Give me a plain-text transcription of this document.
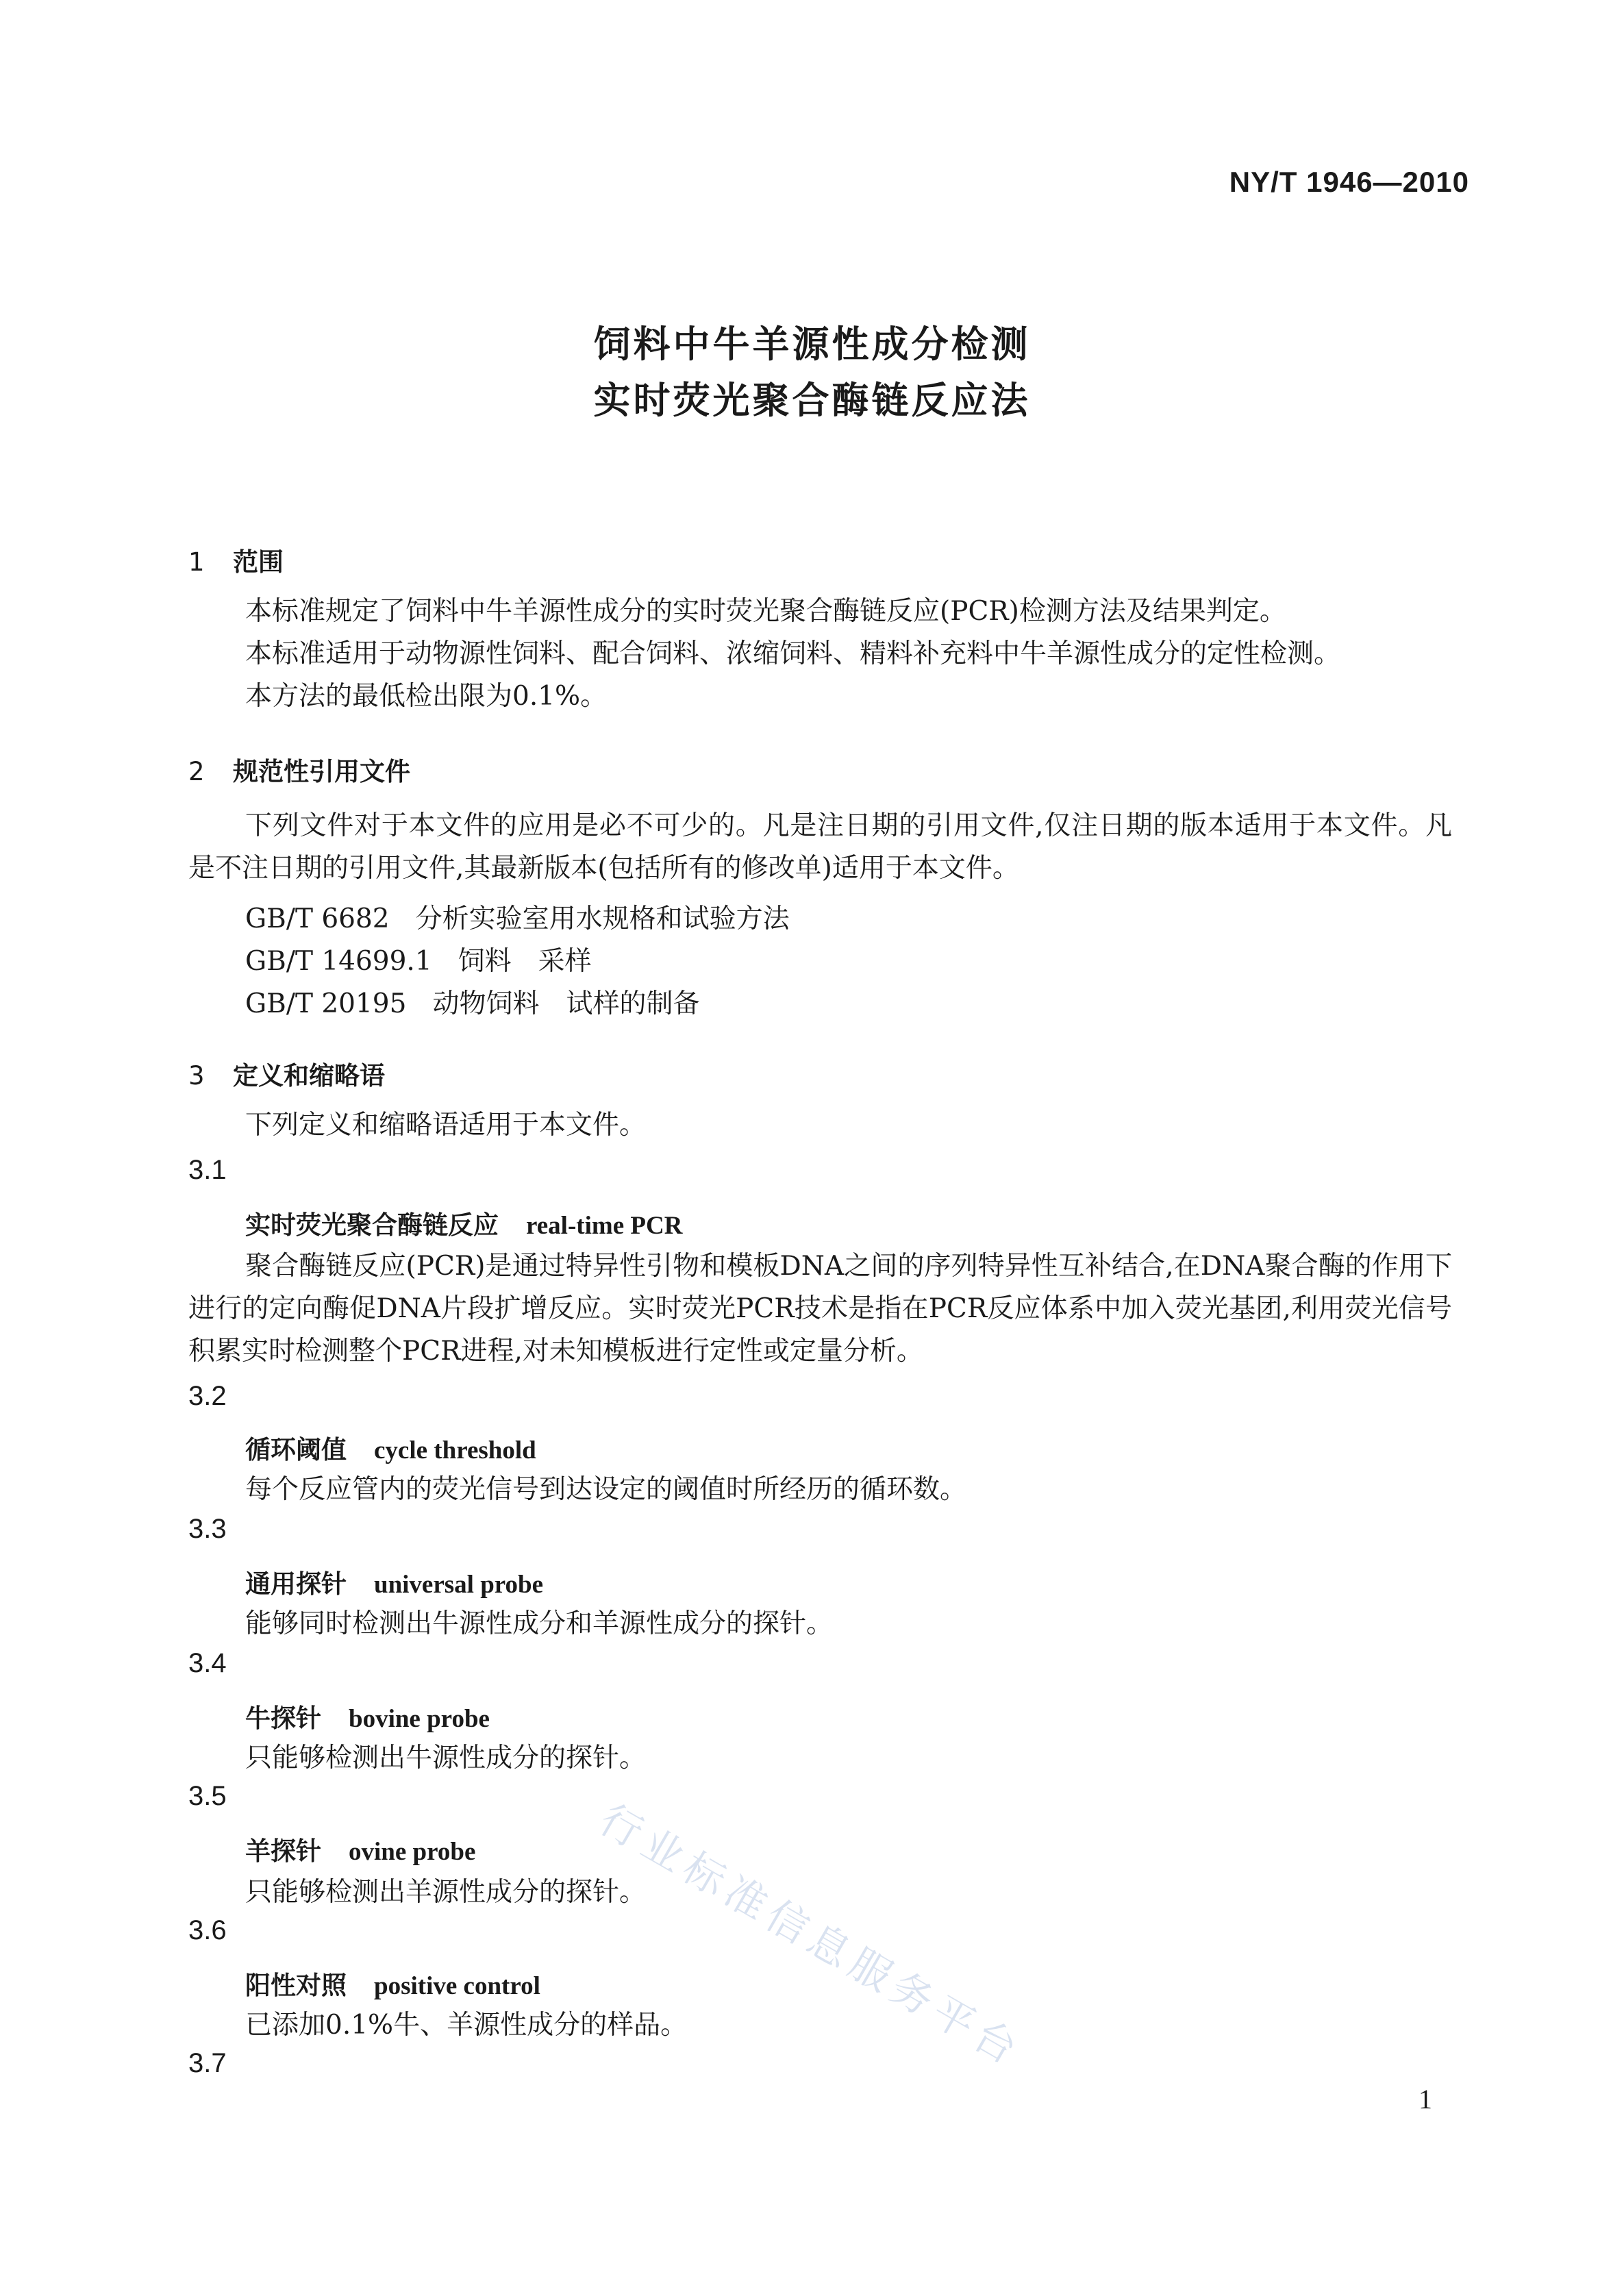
NY/T 1946—2010
饲料中牛羊源性成分检测
实时荧光聚合酶链反应法
1 范围
本标准规定了饲料中牛羊源性成分的实时荧光聚合酶链反应(PCR)检测方法及结果判定。
本标准适用于动物源性饲料、配合饲料、浓缩饲料、精料补充料中牛羊源性成分的定性检测。
本方法的最低检出限为0.1%。
2 规范性引用文件
下列文件对于本文件的应用是必不可少的。凡是注日期的引用文件,仅注日期的版本适用于本文件。凡是不注日期的引用文件,其最新版本(包括所有的修改单)适用于本文件。
GB/T 6682 分析实验室用水规格和试验方法
GB/T 14699.1 饲料　采样
GB/T 20195 动物饲料　试样的制备
3 定义和缩略语
下列定义和缩略语适用于本文件。
3.1
实时荧光聚合酶链反应 real-time PCR
聚合酶链反应(PCR)是通过特异性引物和模板DNA之间的序列特异性互补结合,在DNA聚合酶的作用下进行的定向酶促DNA片段扩增反应。实时荧光PCR技术是指在PCR反应体系中加入荧光基团,利用荧光信号积累实时检测整个PCR进程,对未知模板进行定性或定量分析。
3.2
循环阈值 cycle threshold
每个反应管内的荧光信号到达设定的阈值时所经历的循环数。
3.3
通用探针 universal probe
能够同时检测出牛源性成分和羊源性成分的探针。
3.4
牛探针 bovine probe
只能够检测出牛源性成分的探针。
3.5
羊探针 ovine probe
只能够检测出羊源性成分的探针。
3.6
阳性对照 positive control
已添加0.1%牛、羊源性成分的样品。
3.7	行业标准信息服务平台
1
